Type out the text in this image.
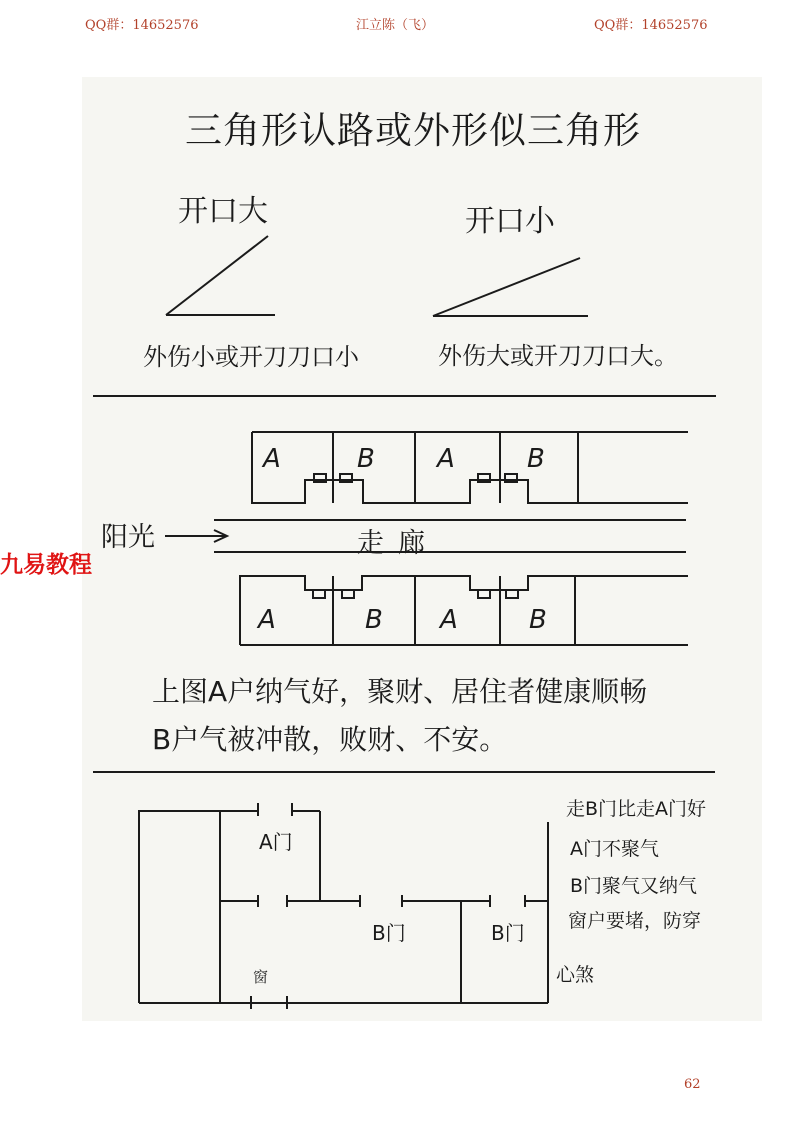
QQ群：14652576	江立陈（飞）	QQ群：14652576
三角形认路或外形似三角形
开口大	开口小
外伤小或开刀刀口小	外伤大或开刀刀口大。
A	B A	B
阳光	走廊
A	B A	B
上图A户纳气好，聚财、居住者健康顺畅
B户气被冲散，败财、不安。
A门
B门	B门
窗
走B门比走A门好
A门不聚气
B门聚气又纳气
窗户要堵，防穿
心煞
九易教程
62
